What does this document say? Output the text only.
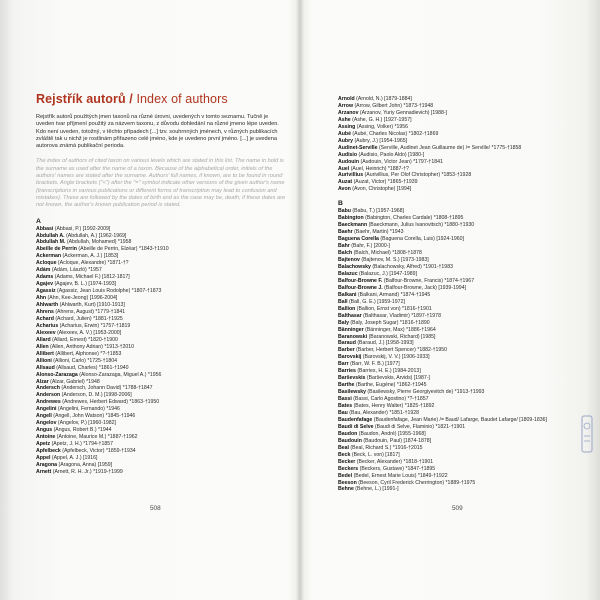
Rejstřík autorů / Index of authors

Rejstřík autorů použitých jmen taxonů na různé úrovni, uvedených v tomto seznamu. Tučně je uveden tvar příjmení použitý za názvem taxonu, z důvodu dohledání na různé jmeno lépe uveden. Kdo není uveden, totožný, v těchto případech [...] tzv. souhrnných jménech, v různých publikacích zvláště tak u nichž je rostlinám přiřazeno celé jméno, kde je uvedeno první jméno. [...] je uvedena autorova známá publikační perioda.

The index of authors of cited taxon on various levels which are stated in this list. The name in bold is the surname as used after the name of a taxon. Because of the alphabetical order, initials of the authors' names are stated after the surname. Authors' full names, if known, are to be found in round brackets. Angle brackets ("<") after the "=" symbol indicate other versions of the given author's name (transcriptions in various publications or different forms of transcription may lead to confusion and mistakes). These are followed by the dates of birth and as the case may be, death; if these dates are not known, the author's known publication period is stated.

A
Abbasi (Abbasi, P.) [1992-2009]
Abdullah A. (Abdullah, A.) [1962-1969]
Abdullah M. (Abdullah, Mohamed) *1958
Abeille de Perrin (Abeille de Perrin, Elzéar) *1843-†1910
Ackerman (Ackerman, A. J.) [1853]
Acloque (Acloque, Alexandre) *1871-†?
Ádám (Ádám, László) *1957
Adams (Adams, Michael F.) [1812-1817]
Agajev (Agajev, B. L.) [1974-1993]
Agassiz (Agassiz, Jean Louis Rodolphe) *1807-†1873
Ahn (Ahn, Kee-Jeong) [1996-2004]
Ahlwarth (Ahlwarth, Kurt) [1910-1913]
Ahrens (Ahrens, August) *1779-†1841
Achard (Achard, Julien) *1881-†1925
Acharius (Acharius, Erwin) *1757-†1819
Alexeev (Alexeev, A. V.) [1953-2000]
Allard (Allard, Ernest) *1820-†1900
Allen (Allen, Anthony Adrian) *1913-†2010
Allibert (Allibert, Alphonse) *?-†1853
Allioni (Allioni, Carlo) *1725-†1804
Allsaud (Allsaud, Charles) *1861-†1940
Alonso-Zarazaga (Alonso-Zarazaga, Miguel A.) *1956
Alzar (Alzar, Gabriel) *1948
Andersch (Andersch, Johann David) *1788-†1847
Anderson (Anderson, D. M.) [1998-2006]
Andrewes (Andrewes, Herbert Edward) *1863-†1950
Angelini (Angelini, Fernando) *1946
Angell (Angell, John Watson) *1845-†1946
Angelov (Angelov, P.) [1960-1982]
Angus (Angus, Robert B.) *1944
Antoine (Antoine, Maurice M.) *1887-†1962
Apetz (Apetz, J. H.) *1794-†1857
Apfelbeck (Apfelbeck, Victor) *1859-†1934
Appel (Appel, A. J.) [1916]
Aragona (Aragona, Anna) [1959]
Arnett (Arnett, R. H. Jr.) *1919-†1999
508
Arnold (Arnold, N.) [1879-1884]
Arrow (Arrow, Gilbert John) *1873-†1948
Arzanov (Arzanov, Yuriy Gennadievich) [1988-]
Ashe (Ashe, G. H.) [1927-1957]
Assing (Assing, Volker) *1956
Aubé (Aubé, Charles Nicolas) *1802-†1869
Aubry (Aubry, J.) [1954-1965]
Audinet-Serville (Serville, Audinet Jean Guillaume de) /= Serville/ *1775-†1858
Audisio (Audisio, Paolo Aldo) [1980-]
Audouin (Audouin, Victor Jean) *1797-†1841
Auel (Auel, Heinrich) *1887-†?
Aurivillius (Aurivillius, Per Olof Christopher) *1853-†1928
Auzat (Auzat, Victor) *1865-†1939
Avon (Avon, Christophe) [1994]
B
Babu (Babu, T.) [1957-1968]
Babington (Babington, Charles Cardale) *1808-†1895
Baeckmann (Baeckmann, Julius Ivanovitsch) *1880-†1930
Baehr (Baehr, Martin) *1943
Baguena Corella (Baguena Corella, Luis) [1924-1960]
Bahr (Bahr, F.) [2000-]
Balch (Balch, Michael) *1808-†1878
Bajtenov (Bajtenov, M. S.) [1973-1983]
Balachowsky (Balachowsky, Alfred) *1901-†1983
Balazuc (Balazuc, J.) [1947-1989]
Balfour-Browne F. (Balfour-Browne, Francis) *1874-†1967
Balfour-Browne J. (Balfour-Browne, Jack) [1939-1994]
Balkani (Balkani, Armand) *1874-†1945
Ball (Ball, G. E.) [1959-1972]
Ballion (Ballion, Ernst von) *1816-†1901
Balthasar (Balthasar, Vladimir) *1897-†1978
Baly (Baly, Joseph Sugar) *1816-†1890
Bänninger (Bänninger, Max) *1886-†1964
Baranowski (Baranowski, Richard) [1985]
Baraud (Baraud, J.) [1958-1993]
Barber (Barber, Herbert Spencer) *1882-†1950
Barovskij (Barovskij, V. V.) [1906-1933]
Barr (Barr, W. F. B.) [1977]
Barries (Barries, H. E.) [1984-2013]
Barševskis (Barševskis, Arvids) [1987-]
Barthe (Barthe, Eugène) *1862-†1945
Basilewsky (Basilewsky, Pierre Georgiyevitch de) *1913-†1993
Bassi (Bassi, Carlo Agostino) *?-†1857
Bates (Bates, Henry Walter) *1825-†1892
Bau (Bau, Alexander) *1851-†1928
Baudenfafage (Baudenfafage, Jean Marie) /= Baud/ Lafarge, Baudet Lafarge/ [1809-1836]
Baudi di Selve (Baudi di Selve, Flaminio) *1821-†1901
Baudon (Baudon, André) [1955-1968]
Baudouin (Baudouin, Paul) [1874-1878]
Beal (Beal, Richard S.) *1916-†2015
Beck (Beck, L. von) [1817]
Becker (Becker, Alexander) *1818-†1901
Beckers (Beckers, Gustave) *1847-†1895
Bedel (Bedel, Ernest Marie Louis) *1849-†1922
Beeson (Beeson, Cyril Frederick Cherrington) *1889-†1975
Behne (Behne, L.) [1991-]
509
